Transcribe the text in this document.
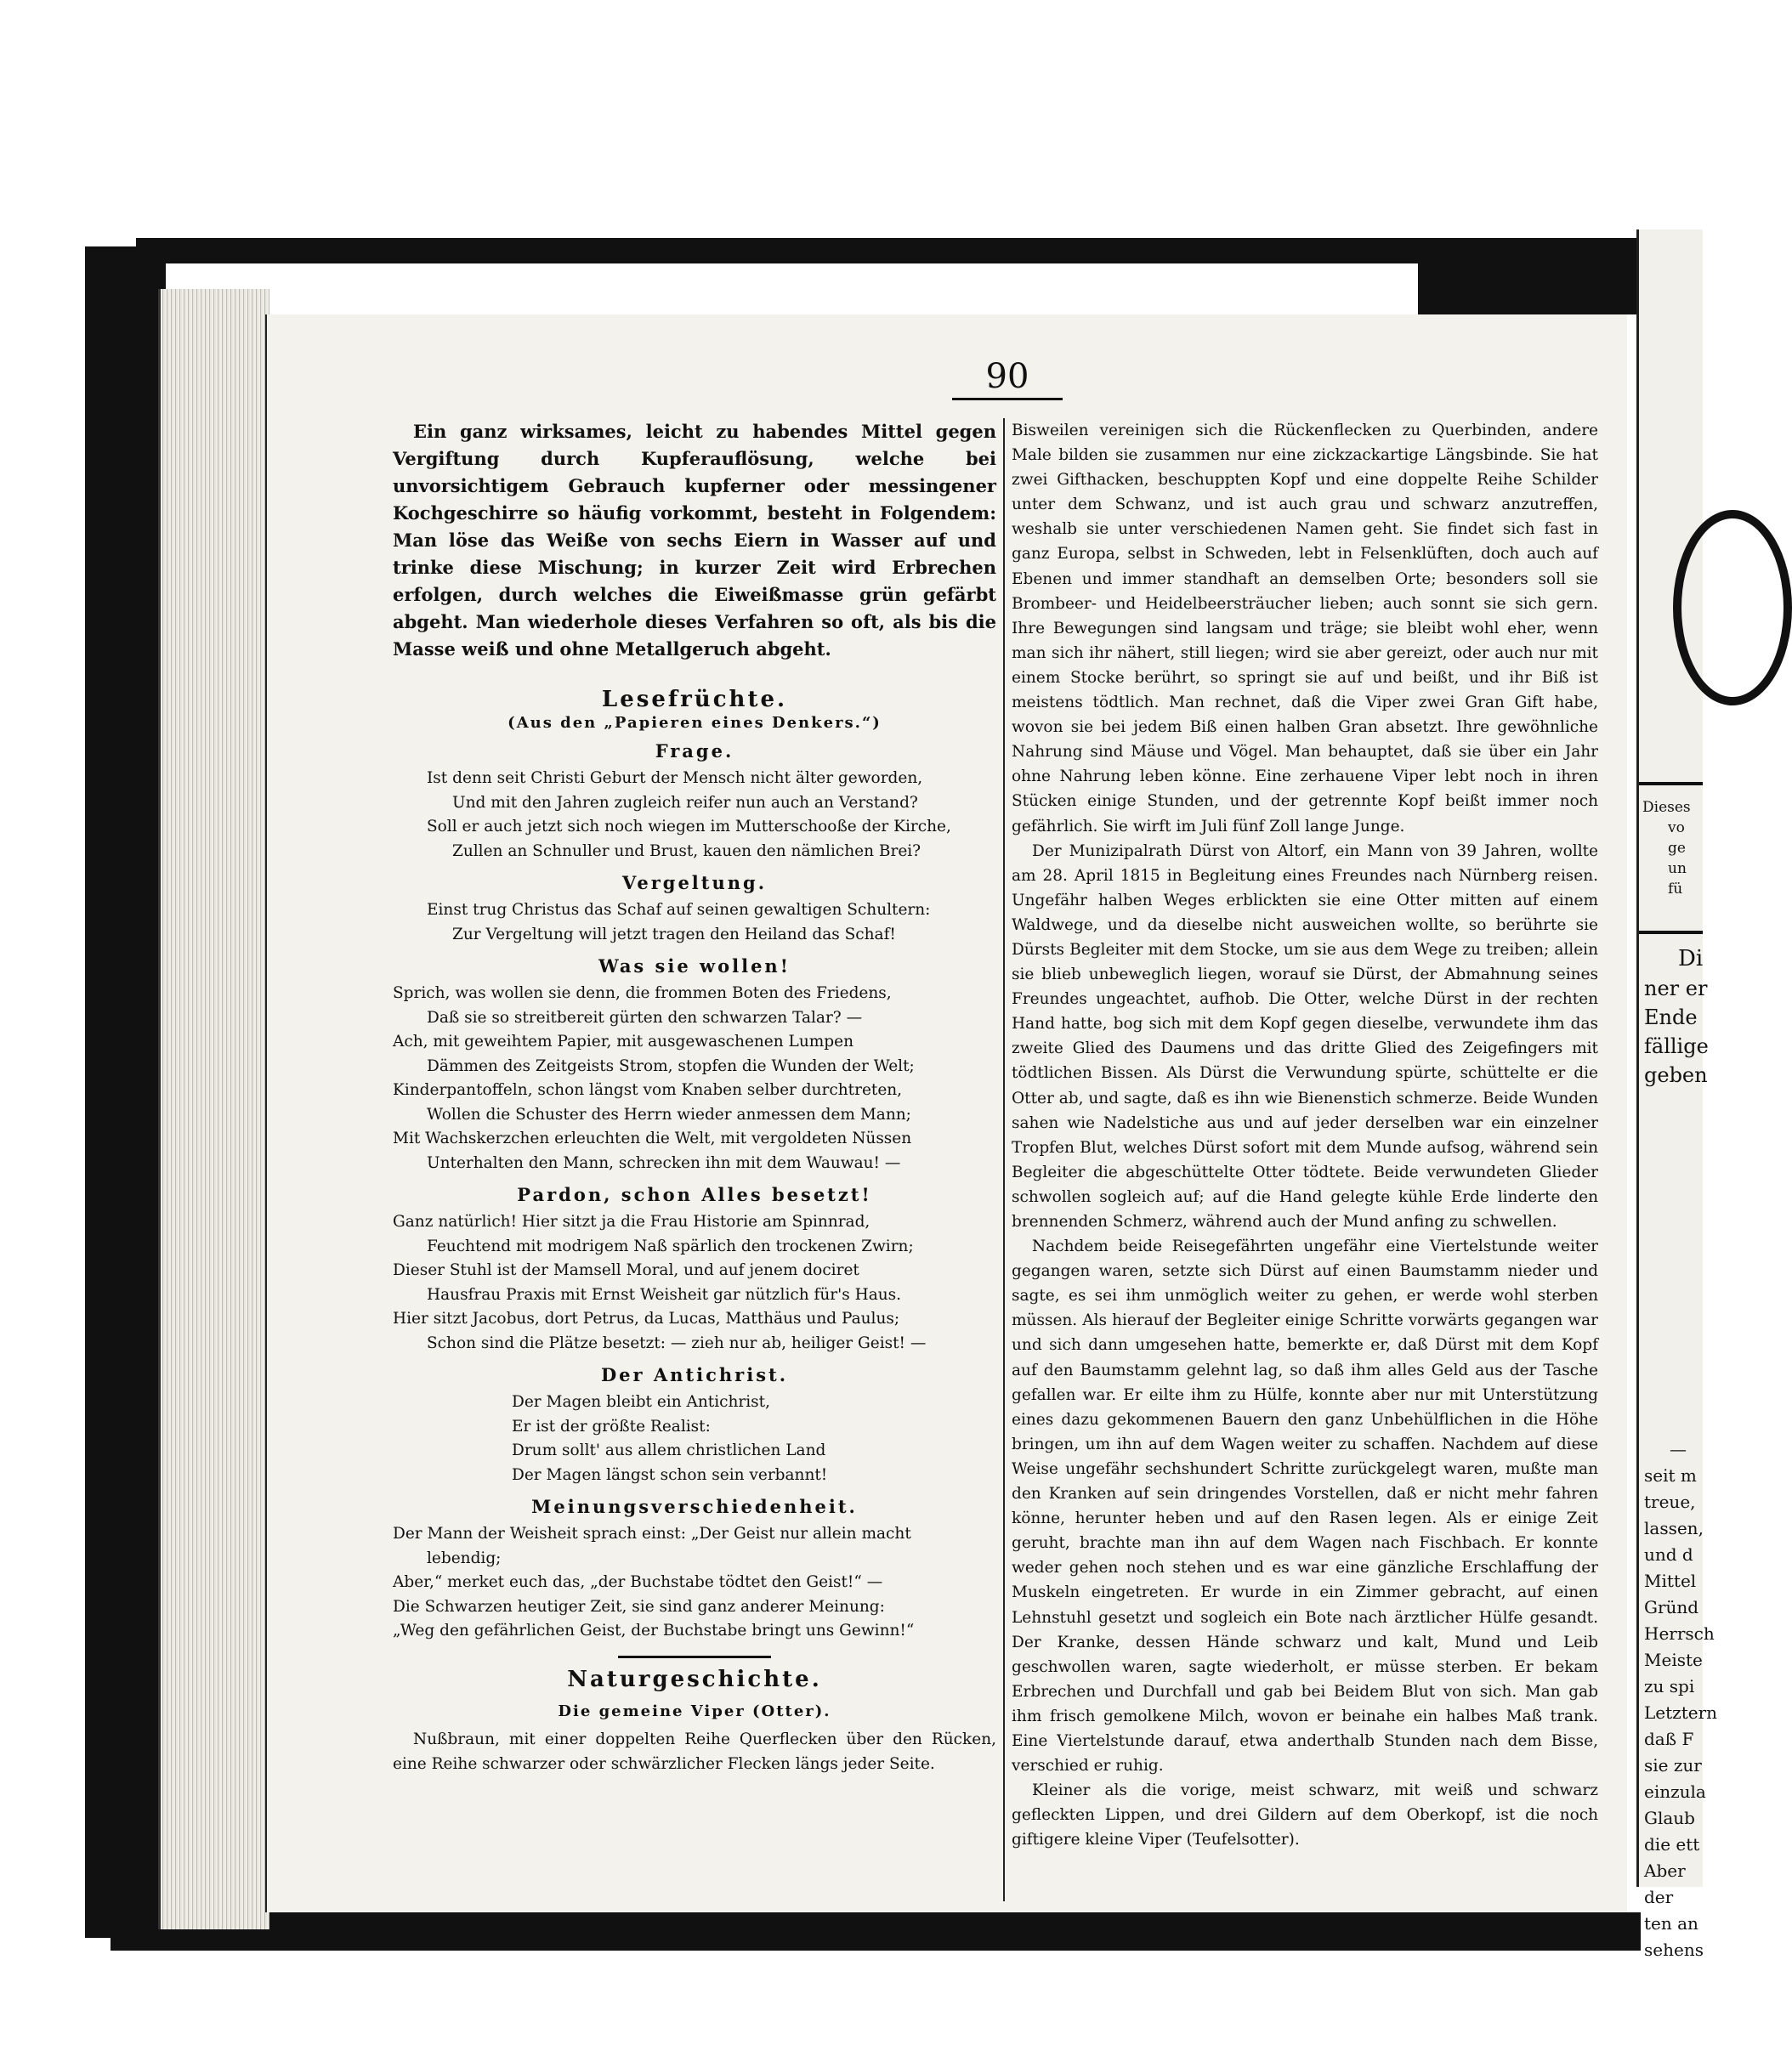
90

Ein ganz wirksames, leicht zu habendes Mittel gegen Vergiftung durch Kupferauflösung, welche bei unvorsichtigem Gebrauch kupferner oder messingener Kochgeschirre so häufig vorkommt, besteht in Folgendem: Man löse das Weiße von sechs Eiern in Wasser auf und trinke diese Mischung; in kurzer Zeit wird Erbrechen erfolgen, durch welches die Eiweißmasse grün gefärbt abgeht. Man wiederhole dieses Verfahren so oft, als bis die Masse weiß und ohne Metallgeruch abgeht.

Lesefrüchte.

(Aus den „Papieren eines Denkers.“)

Frage.

Ist denn seit Christi Geburt der Mensch nicht älter geworden,

Und mit den Jahren zugleich reifer nun auch an Verstand?

Soll er auch jetzt sich noch wiegen im Mutterschooße der Kirche,

Zullen an Schnuller und Brust, kauen den nämlichen Brei?

Vergeltung.

Einst trug Christus das Schaf auf seinen gewaltigen Schultern:

Zur Vergeltung will jetzt tragen den Heiland das Schaf!

Was sie wollen!

Sprich, was wollen sie denn, die frommen Boten des Friedens,

Daß sie so streitbereit gürten den schwarzen Talar? —

Ach, mit geweihtem Papier, mit ausgewaschenen Lumpen

Dämmen des Zeitgeists Strom, stopfen die Wunden der Welt;

Kinderpantoffeln, schon längst vom Knaben selber durchtreten,

Wollen die Schuster des Herrn wieder anmessen dem Mann;

Mit Wachskerzchen erleuchten die Welt, mit vergoldeten Nüssen

Unterhalten den Mann, schrecken ihn mit dem Wauwau! —

Pardon, schon Alles besetzt!

Ganz natürlich! Hier sitzt ja die Frau Historie am Spinnrad,

Feuchtend mit modrigem Naß spärlich den trockenen Zwirn;

Dieser Stuhl ist der Mamsell Moral, und auf jenem dociret

Hausfrau Praxis mit Ernst Weisheit gar nützlich für's Haus.

Hier sitzt Jacobus, dort Petrus, da Lucas, Matthäus und Paulus;

Schon sind die Plätze besetzt: — zieh nur ab, heiliger Geist! —

Der Antichrist.

Der Magen bleibt ein Antichrist,

Er ist der größte Realist:

Drum sollt' aus allem christlichen Land

Der Magen längst schon sein verbannt!

Meinungsverschiedenheit.

Der Mann der Weisheit sprach einst: „Der Geist nur allein macht

lebendig;

Aber,“ merket euch das, „der Buchstabe tödtet den Geist!“ —

Die Schwarzen heutiger Zeit, sie sind ganz anderer Meinung:

„Weg den gefährlichen Geist, der Buchstabe bringt uns Gewinn!“

Naturgeschichte.

Die gemeine Viper (Otter).

Nußbraun, mit einer doppelten Reihe Querflecken über den Rücken, eine Reihe schwarzer oder schwärzlicher Flecken längs jeder Seite.

Bisweilen vereinigen sich die Rückenflecken zu Querbinden, andere Male bilden sie zusammen nur eine zickzackartige Längsbinde. Sie hat zwei Gifthacken, beschuppten Kopf und eine doppelte Reihe Schilder unter dem Schwanz, und ist auch grau und schwarz anzutreffen, weshalb sie unter verschiedenen Namen geht. Sie findet sich fast in ganz Europa, selbst in Schweden, lebt in Felsenklüften, doch auch auf Ebenen und immer standhaft an demselben Orte; besonders soll sie Brombeer- und Heidelbeersträucher lieben; auch sonnt sie sich gern. Ihre Bewegungen sind langsam und träge; sie bleibt wohl eher, wenn man sich ihr nähert, still liegen; wird sie aber gereizt, oder auch nur mit einem Stocke berührt, so springt sie auf und beißt, und ihr Biß ist meistens tödtlich. Man rechnet, daß die Viper zwei Gran Gift habe, wovon sie bei jedem Biß einen halben Gran absetzt. Ihre gewöhnliche Nahrung sind Mäuse und Vögel. Man behauptet, daß sie über ein Jahr ohne Nahrung leben könne. Eine zerhauene Viper lebt noch in ihren Stücken einige Stunden, und der getrennte Kopf beißt immer noch gefährlich. Sie wirft im Juli fünf Zoll lange Junge.

Der Munizipalrath Dürst von Altorf, ein Mann von 39 Jahren, wollte am 28. April 1815 in Begleitung eines Freundes nach Nürnberg reisen. Ungefähr halben Weges erblickten sie eine Otter mitten auf einem Waldwege, und da dieselbe nicht ausweichen wollte, so berührte sie Dürsts Begleiter mit dem Stocke, um sie aus dem Wege zu treiben; allein sie blieb unbeweglich liegen, worauf sie Dürst, der Abmahnung seines Freundes ungeachtet, aufhob. Die Otter, welche Dürst in der rechten Hand hatte, bog sich mit dem Kopf gegen dieselbe, verwundete ihm das zweite Glied des Daumens und das dritte Glied des Zeigefingers mit tödtlichen Bissen. Als Dürst die Verwundung spürte, schüttelte er die Otter ab, und sagte, daß es ihn wie Bienenstich schmerze. Beide Wunden sahen wie Nadelstiche aus und auf jeder derselben war ein einzelner Tropfen Blut, welches Dürst sofort mit dem Munde aufsog, während sein Begleiter die abgeschüttelte Otter tödtete. Beide verwundeten Glieder schwollen sogleich auf; auf die Hand gelegte kühle Erde linderte den brennenden Schmerz, während auch der Mund anfing zu schwellen.

Nachdem beide Reisegefährten ungefähr eine Viertelstunde weiter gegangen waren, setzte sich Dürst auf einen Baumstamm nieder und sagte, es sei ihm unmöglich weiter zu gehen, er werde wohl sterben müssen. Als hierauf der Begleiter einige Schritte vorwärts gegangen war und sich dann umgesehen hatte, bemerkte er, daß Dürst mit dem Kopf auf den Baumstamm gelehnt lag, so daß ihm alles Geld aus der Tasche gefallen war. Er eilte ihm zu Hülfe, konnte aber nur mit Unterstützung eines dazu gekommenen Bauern den ganz Unbehülflichen in die Höhe bringen, um ihn auf dem Wagen weiter zu schaffen. Nachdem auf diese Weise ungefähr sechshundert Schritte zurückgelegt waren, mußte man den Kranken auf sein dringendes Vorstellen, daß er nicht mehr fahren könne, herunter heben und auf den Rasen legen. Als er einige Zeit geruht, brachte man ihn auf dem Wagen nach Fischbach. Er konnte weder gehen noch stehen und es war eine gänzliche Erschlaffung der Muskeln eingetreten. Er wurde in ein Zimmer gebracht, auf einen Lehnstuhl gesetzt und sogleich ein Bote nach ärztlicher Hülfe gesandt. Der Kranke, dessen Hände schwarz und kalt, Mund und Leib geschwollen waren, sagte wiederholt, er müsse sterben. Er bekam Erbrechen und Durchfall und gab bei Beidem Blut von sich. Man gab ihm frisch gemolkene Milch, wovon er beinahe ein halbes Maß trank. Eine Viertelstunde darauf, etwa anderthalb Stunden nach dem Bisse, verschied er ruhig.

Kleiner als die vorige, meist schwarz, mit weiß und schwarz gefleckten Lippen, und drei Gildern auf dem Oberkopf, ist die noch giftigere kleine Viper (Teufelsotter).

Dieses

vo

ge

un

fü

Di

ner er

Ende

fällige

geben

—

seit m

treue,

lassen,

und d

Mittel

Gründ

Herrsch

Meiste

zu spi

Letztern

daß F

sie zur

einzula

Glaub

die ett

Aber

der

ten an

sehens
